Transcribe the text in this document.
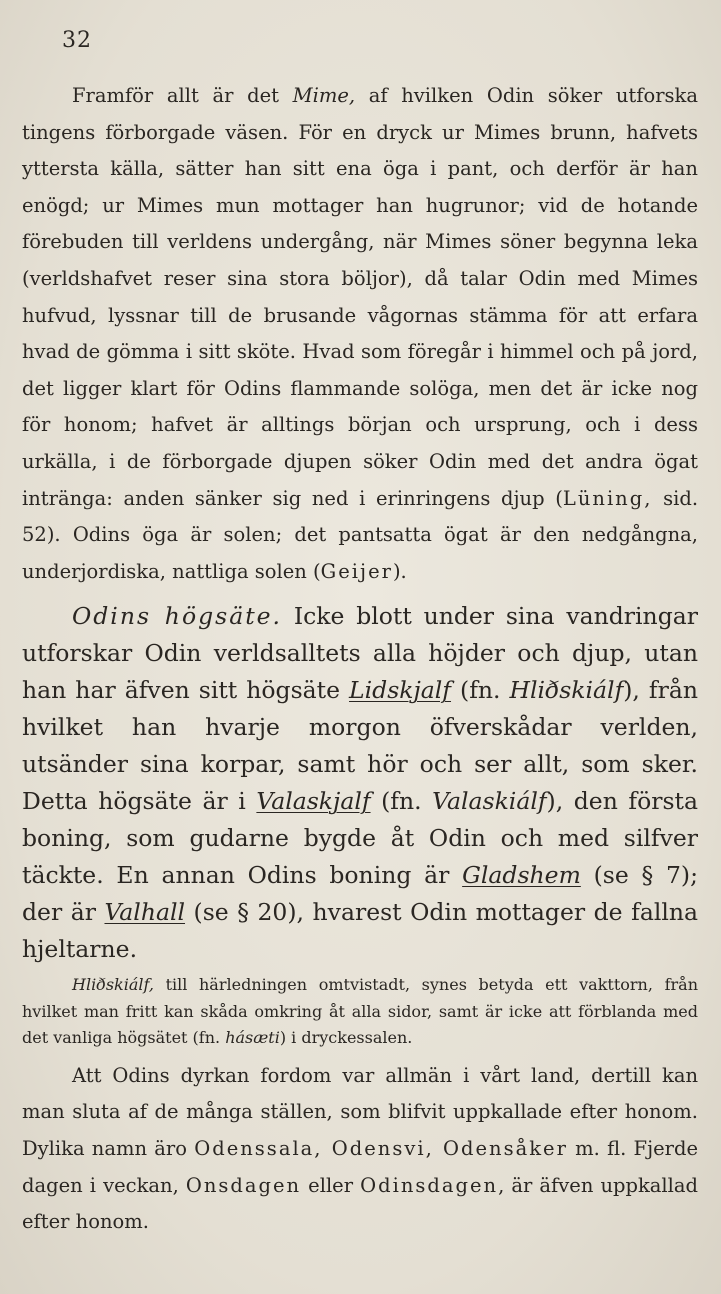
32

Framför allt är det Mime, af hvilken Odin söker utforska tingens förborgade väsen. För en dryck ur Mimes brunn, hafvets yttersta källa, sätter han sitt ena öga i pant, och derför är han enögd; ur Mimes mun mottager han hugrunor; vid de hotande förebuden till verldens undergång, när Mimes söner begynna leka (verldshafvet reser sina stora böljor), då talar Odin med Mimes hufvud, lyssnar till de brusande vågornas stämma för att erfara hvad de gömma i sitt sköte. Hvad som föregår i himmel och på jord, det ligger klart för Odins flammande solöga, men det är icke nog för honom; hafvet är alltings början och ursprung, och i dess urkälla, i de förborgade djupen söker Odin med det andra ögat intränga: anden sänker sig ned i erinringens djup (Lüning, sid. 52). Odins öga är solen; det pantsatta ögat är den nedgångna, underjordiska, nattliga solen (Geijer).

Odins högsäte. Icke blott under sina vandringar utforskar Odin verldsalltets alla höjder och djup, utan han har äfven sitt högsäte Lidskjalf (fn. Hliðskiálf), från hvilket han hvarje morgon öfverskådar verlden, utsänder sina korpar, samt hör och ser allt, som sker. Detta högsäte är i Valaskjalf (fn. Valaskiálf), den första boning, som gudarne bygde åt Odin och med silfver täckte. En annan Odins boning är Gladshem (se § 7); der är Valhall (se § 20), hvarest Odin mottager de fallna hjeltarne.

Hliðskiálf, till härledningen omtvistadt, synes betyda ett vakttorn, från hvilket man fritt kan skåda omkring åt alla sidor, samt är icke att förblanda med det vanliga högsätet (fn. hásæti) i dryckessalen.

Att Odins dyrkan fordom var allmän i vårt land, dertill kan man sluta af de många ställen, som blifvit uppkallade efter honom. Dylika namn äro Odenssala, Odensvi, Odensåker m. fl. Fjerde dagen i veckan, Onsdagen eller Odinsdagen, är äfven uppkallad efter honom.
